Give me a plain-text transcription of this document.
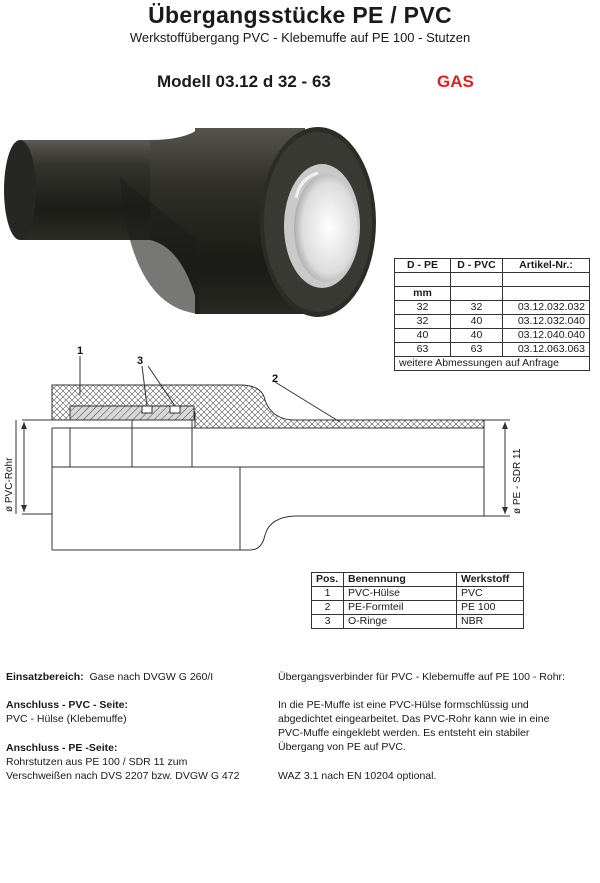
Übergangsstücke PE / PVC
Werkstoffübergang PVC - Klebemuffe auf PE 100 - Stutzen
Modell 03.12 d 32 - 63	GAS
D - PE	D - PVC	Artikel-Nr.:

mm		
32	32	03.12.032.032
32	40	03.12.032.040
40	40	03.12.040.040
63	63	03.12.063.063
weitere Abmessungen auf Anfrage		
1
2
3
ø PVC-Rohr	ø PE - SDR 11
Pos.	Benennung	Werkstoff
1	PVC-Hülse	PVC
2	PE-Formteil	PE 100
3	O-Ringe	NBR
Einsatzbereich: Gase nach DVGW G 260/I
Anschluss - PVC - Seite:
PVC - Hülse (Klebemuffe)
Anschluss - PE -Seite:
Rohrstutzen aus PE 100 / SDR 11 zum
Verschweißen nach DVS 2207 bzw. DVGW G 472
Übergangsverbinder für PVC - Klebemuffe auf PE 100 - Rohr:
In die PE-Muffe ist eine PVC-Hülse formschlüssig und
abgedichtet eingearbeitet. Das PVC-Rohr kann wie in eine
PVC-Muffe eingeklebt werden. Es entsteht ein stabiler
Übergang von PE auf PVC.
WAZ 3.1 nach EN 10204 optional.
